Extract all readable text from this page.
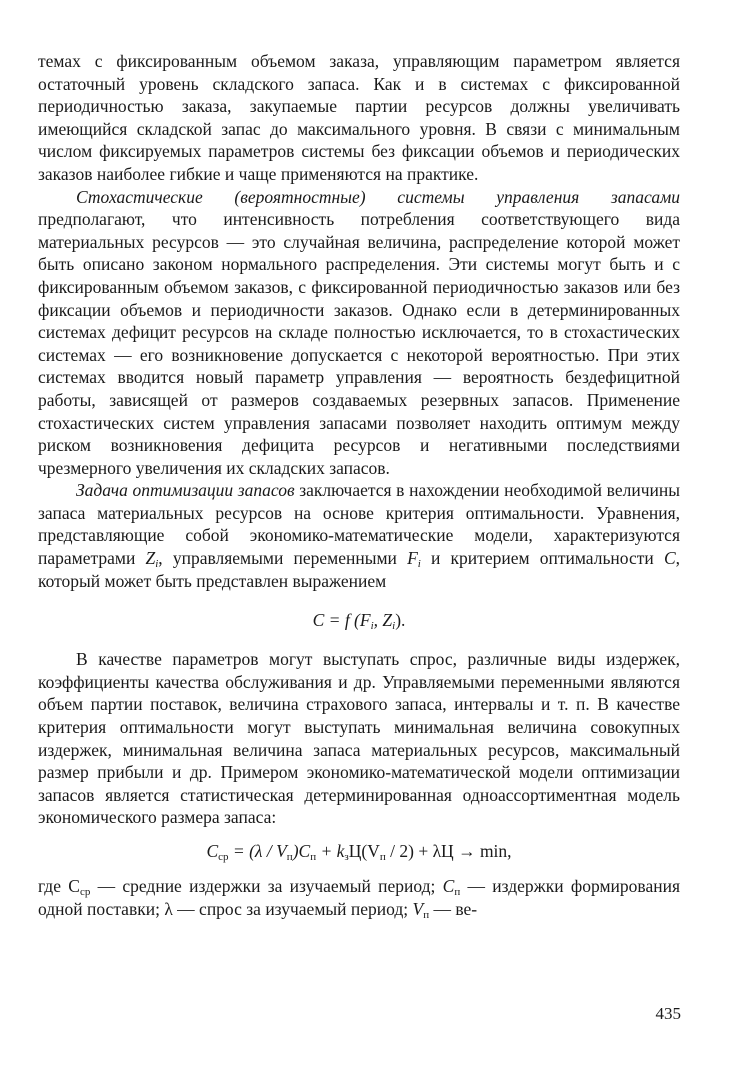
темах с фиксированным объемом заказа, управляющим параметром является остаточный уровень складского запаса. Как и в системах с фиксированной периодичностью заказа, закупаемые партии ресурсов должны увеличивать имеющийся складской запас до максимального уровня. В связи с минимальным числом фиксируемых параметров системы без фиксации объемов и периодических заказов наиболее гибкие и чаще применяются на практике.

Стохастические (вероятностные) системы управления запасами предполагают, что интенсивность потребления соответствующего вида материальных ресурсов — это случайная величина, распределение которой может быть описано законом нормального распределения. Эти системы могут быть и с фиксированным объемом заказов, с фиксированной периодичностью заказов или без фиксации объемов и периодичности заказов. Однако если в детерминированных системах дефицит ресурсов на складе полностью исключается, то в стохастических системах — его возникновение допускается с некоторой вероятностью. При этих системах вводится новый параметр управления — вероятность бездефицитной работы, зависящей от размеров создаваемых резервных запасов. Применение стохастических систем управления запасами позволяет находить оптимум между риском возникновения дефицита ресурсов и негативными последствиями чрезмерного увеличения их складских запасов.

Задача оптимизации запасов заключается в нахождении необходимой величины запаса материальных ресурсов на основе критерия оптимальности. Уравнения, представляющие собой экономико-математические модели, характеризуются параметрами $Z_i$, управляемыми переменными $F_i$ и критерием оптимальности C, который может быть представлен выражением

C = f ($F_i$, $Z_i$).

В качестве параметров могут выступать спрос, различные виды издержек, коэффициенты качества обслуживания и др. Управляемыми переменными являются объем партии поставок, величина страхового запаса, интервалы и т. п. В качестве критерия оптимальности могут выступать минимальная величина совокупных издержек, минимальная величина запаса материальных ресурсов, максимальный размер прибыли и др. Примером экономико-математической модели оптимизации запасов является статистическая детерминированная одноассортиментная модель экономического размера запаса:

$C_{ср} = (\lambda / V_п)C_п + k_зЦ(V_п / 2) + \lambda Ц \to \min$,

где $С_{ср}$ — средние издержки за изучаемый период; $С_п$ — издержки формирования одной поставки; λ — спрос за изучаемый период; $V_п$ — ве-

435
